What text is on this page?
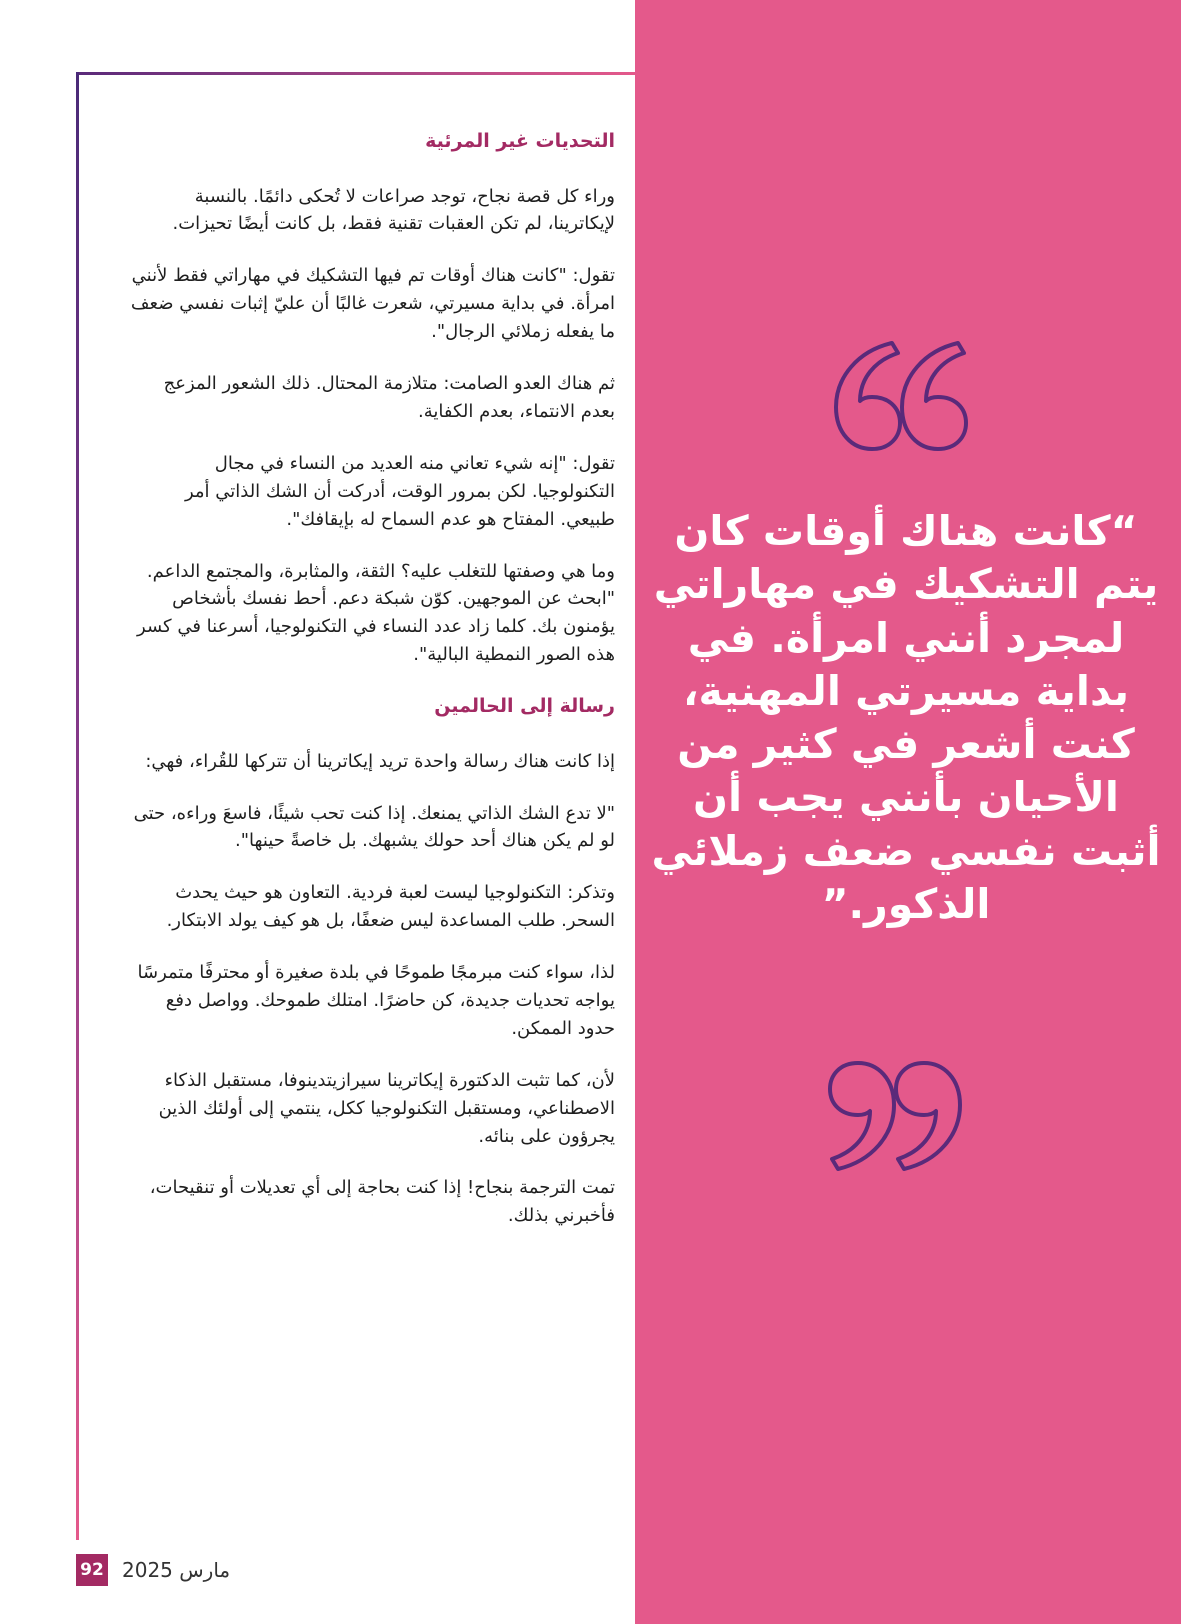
التحديات غير المرئية

وراء كل قصة نجاح، توجد صراعات لا تُحكى دائمًا. بالنسبة لإيكاترينا، لم تكن العقبات تقنية فقط، بل كانت أيضًا تحيزات.

تقول: "كانت هناك أوقات تم فيها التشكيك في مهاراتي فقط لأنني امرأة. في بداية مسيرتي، شعرت غالبًا أن عليّ إثبات نفسي ضعف ما يفعله زملائي الرجال".

ثم هناك العدو الصامت: متلازمة المحتال. ذلك الشعور المزعج بعدم الانتماء، بعدم الكفاية.

تقول: "إنه شيء تعاني منه العديد من النساء في مجال التكنولوجيا. لكن بمرور الوقت، أدركت أن الشك الذاتي أمر طبيعي. المفتاح هو عدم السماح له بإيقافك".

وما هي وصفتها للتغلب عليه؟ الثقة، والمثابرة، والمجتمع الداعم. "ابحث عن الموجهين. كوّن شبكة دعم. أحط نفسك بأشخاص يؤمنون بك. كلما زاد عدد النساء في التكنولوجيا، أسرعنا في كسر هذه الصور النمطية البالية".

رسالة إلى الحالمين

إذا كانت هناك رسالة واحدة تريد إيكاترينا أن تتركها للقُراء، فهي:

"لا تدع الشك الذاتي يمنعك. إذا كنت تحب شيئًا، فاسعَ وراءه، حتى لو لم يكن هناك أحد حولك يشبهك. بل خاصةً حينها".

وتذكر: التكنولوجيا ليست لعبة فردية. التعاون هو حيث يحدث السحر. طلب المساعدة ليس ضعفًا، بل هو كيف يولد الابتكار.

لذا، سواء كنت مبرمجًا طموحًا في بلدة صغيرة أو محترفًا متمرسًا يواجه تحديات جديدة، كن حاضرًا. امتلك طموحك. وواصل دفع حدود الممكن.

لأن، كما تثبت الدكتورة إيكاترينا سيرازيتدينوفا، مستقبل الذكاء الاصطناعي، ومستقبل التكنولوجيا ككل، ينتمي إلى أولئك الذين يجرؤون على بنائه.

تمت الترجمة بنجاح! إذا كنت بحاجة إلى أي تعديلات أو تنقيحات، فأخبرني بذلك.

“كانت هناك أوقات كان يتم التشكيك في مهاراتي لمجرد أنني امرأة. في بداية مسيرتي المهنية، كنت أشعر في كثير من الأحيان بأنني يجب أن أثبت نفسي ضعف زملائي الذكور.”
92 مارس 2025
